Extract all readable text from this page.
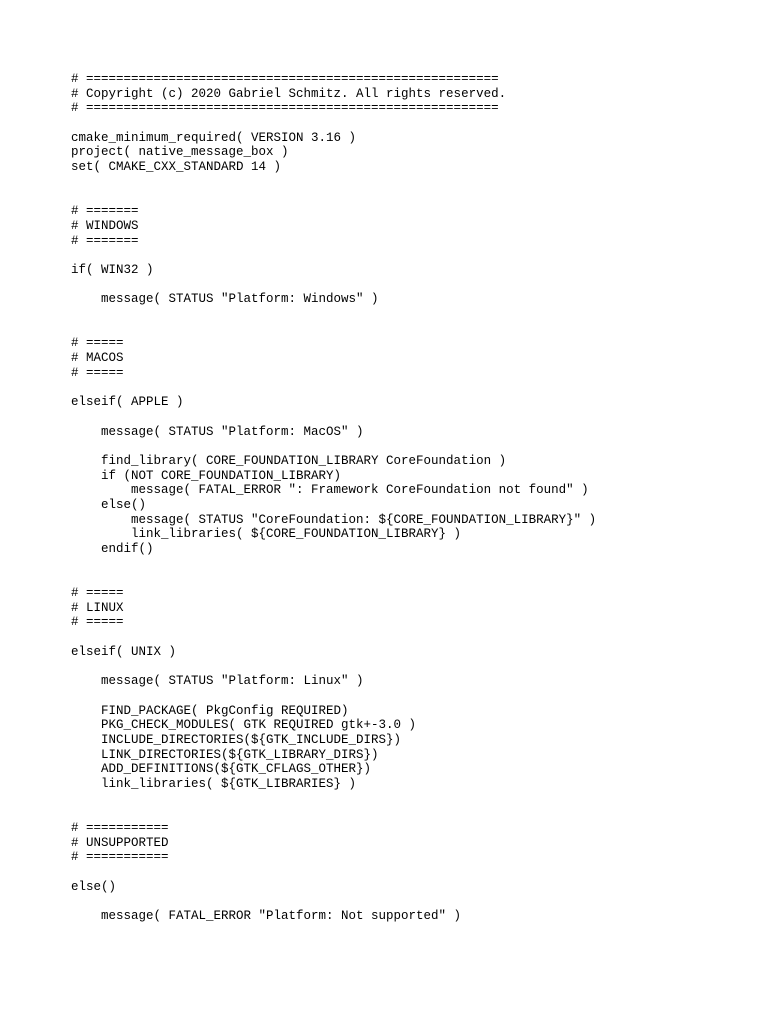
# =======================================================
# Copyright (c) 2020 Gabriel Schmitz. All rights reserved.
# =======================================================
cmake_minimum_required( VERSION 3.16 )
project( native_message_box )
set( CMAKE_CXX_STANDARD 14 )
# =======
# WINDOWS
# =======
if( WIN32 )
message( STATUS "Platform: Windows" )
# =====
# MACOS
# =====
elseif( APPLE )
message( STATUS "Platform: MacOS" )
find_library( CORE_FOUNDATION_LIBRARY CoreFoundation )
if (NOT CORE_FOUNDATION_LIBRARY)
message( FATAL_ERROR ": Framework CoreFoundation not found" )
else()
message( STATUS "CoreFoundation: ${CORE_FOUNDATION_LIBRARY}" )
link_libraries( ${CORE_FOUNDATION_LIBRARY} )
endif()
# =====
# LINUX
# =====
elseif( UNIX )
message( STATUS "Platform: Linux" )
FIND_PACKAGE( PkgConfig REQUIRED)
PKG_CHECK_MODULES( GTK REQUIRED gtk+-3.0 )
INCLUDE_DIRECTORIES(${GTK_INCLUDE_DIRS})
LINK_DIRECTORIES(${GTK_LIBRARY_DIRS})
ADD_DEFINITIONS(${GTK_CFLAGS_OTHER})
link_libraries( ${GTK_LIBRARIES} )
# ===========
# UNSUPPORTED
# ===========
else()
message( FATAL_ERROR "Platform: Not supported" )
